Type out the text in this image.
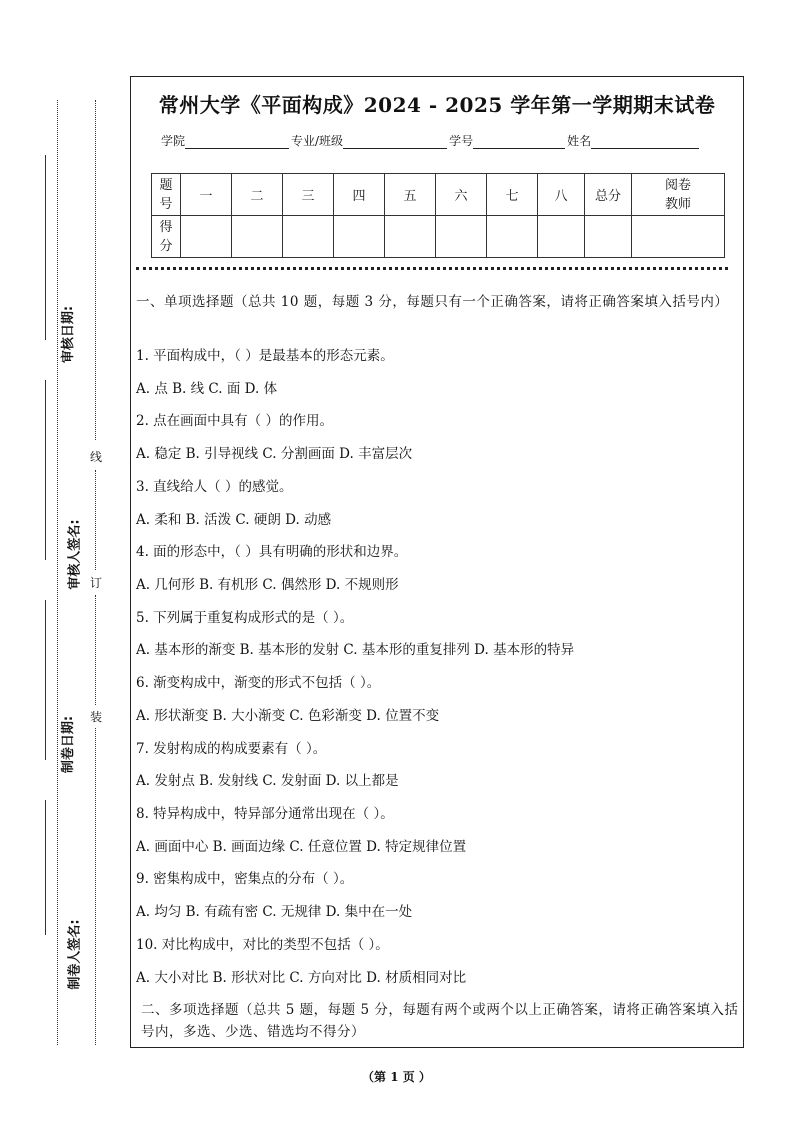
审核日期:
审核人签名:
制卷日期:
制卷人签名:
线
订
装
常州大学《平面构成》2024 - 2025 学年第一学期期末试卷
学院	专业/班级	学号	姓名
题
号	一	二	三	四	五	六	七	八	总分	阅卷
教师
得
分										

一、单项选择题（总共 10 题，每题 3 分，每题只有一个正确答案，请将正确答案填入括号内）

1. 平面构成中，（ ）是最基本的形态元素。

A. 点 B. 线 C. 面 D. 体

2. 点在画面中具有（ ）的作用。

A. 稳定 B. 引导视线 C. 分割画面 D. 丰富层次

3. 直线给人（ ）的感觉。

A. 柔和 B. 活泼 C. 硬朗 D. 动感

4. 面的形态中，（ ）具有明确的形状和边界。

A. 几何形 B. 有机形 C. 偶然形 D. 不规则形

5. 下列属于重复构成形式的是（ ）。

A. 基本形的渐变 B. 基本形的发射 C. 基本形的重复排列 D. 基本形的特异

6. 渐变构成中，渐变的形式不包括（ ）。

A. 形状渐变 B. 大小渐变 C. 色彩渐变 D. 位置不变

7. 发射构成的构成要素有（ ）。

A. 发射点 B. 发射线 C. 发射面 D. 以上都是

8. 特异构成中，特异部分通常出现在（ ）。

A. 画面中心 B. 画面边缘 C. 任意位置 D. 特定规律位置

9. 密集构成中，密集点的分布（ ）。

A. 均匀 B. 有疏有密 C. 无规律 D. 集中在一处

10. 对比构成中，对比的类型不包括（ ）。

A. 大小对比 B. 形状对比 C. 方向对比 D. 材质相同对比

二、多项选择题（总共 5 题，每题 5 分，每题有两个或两个以上正确答案，请将正确答案填入括号内，多选、少选、错选均不得分）

（第 1 页 ）
